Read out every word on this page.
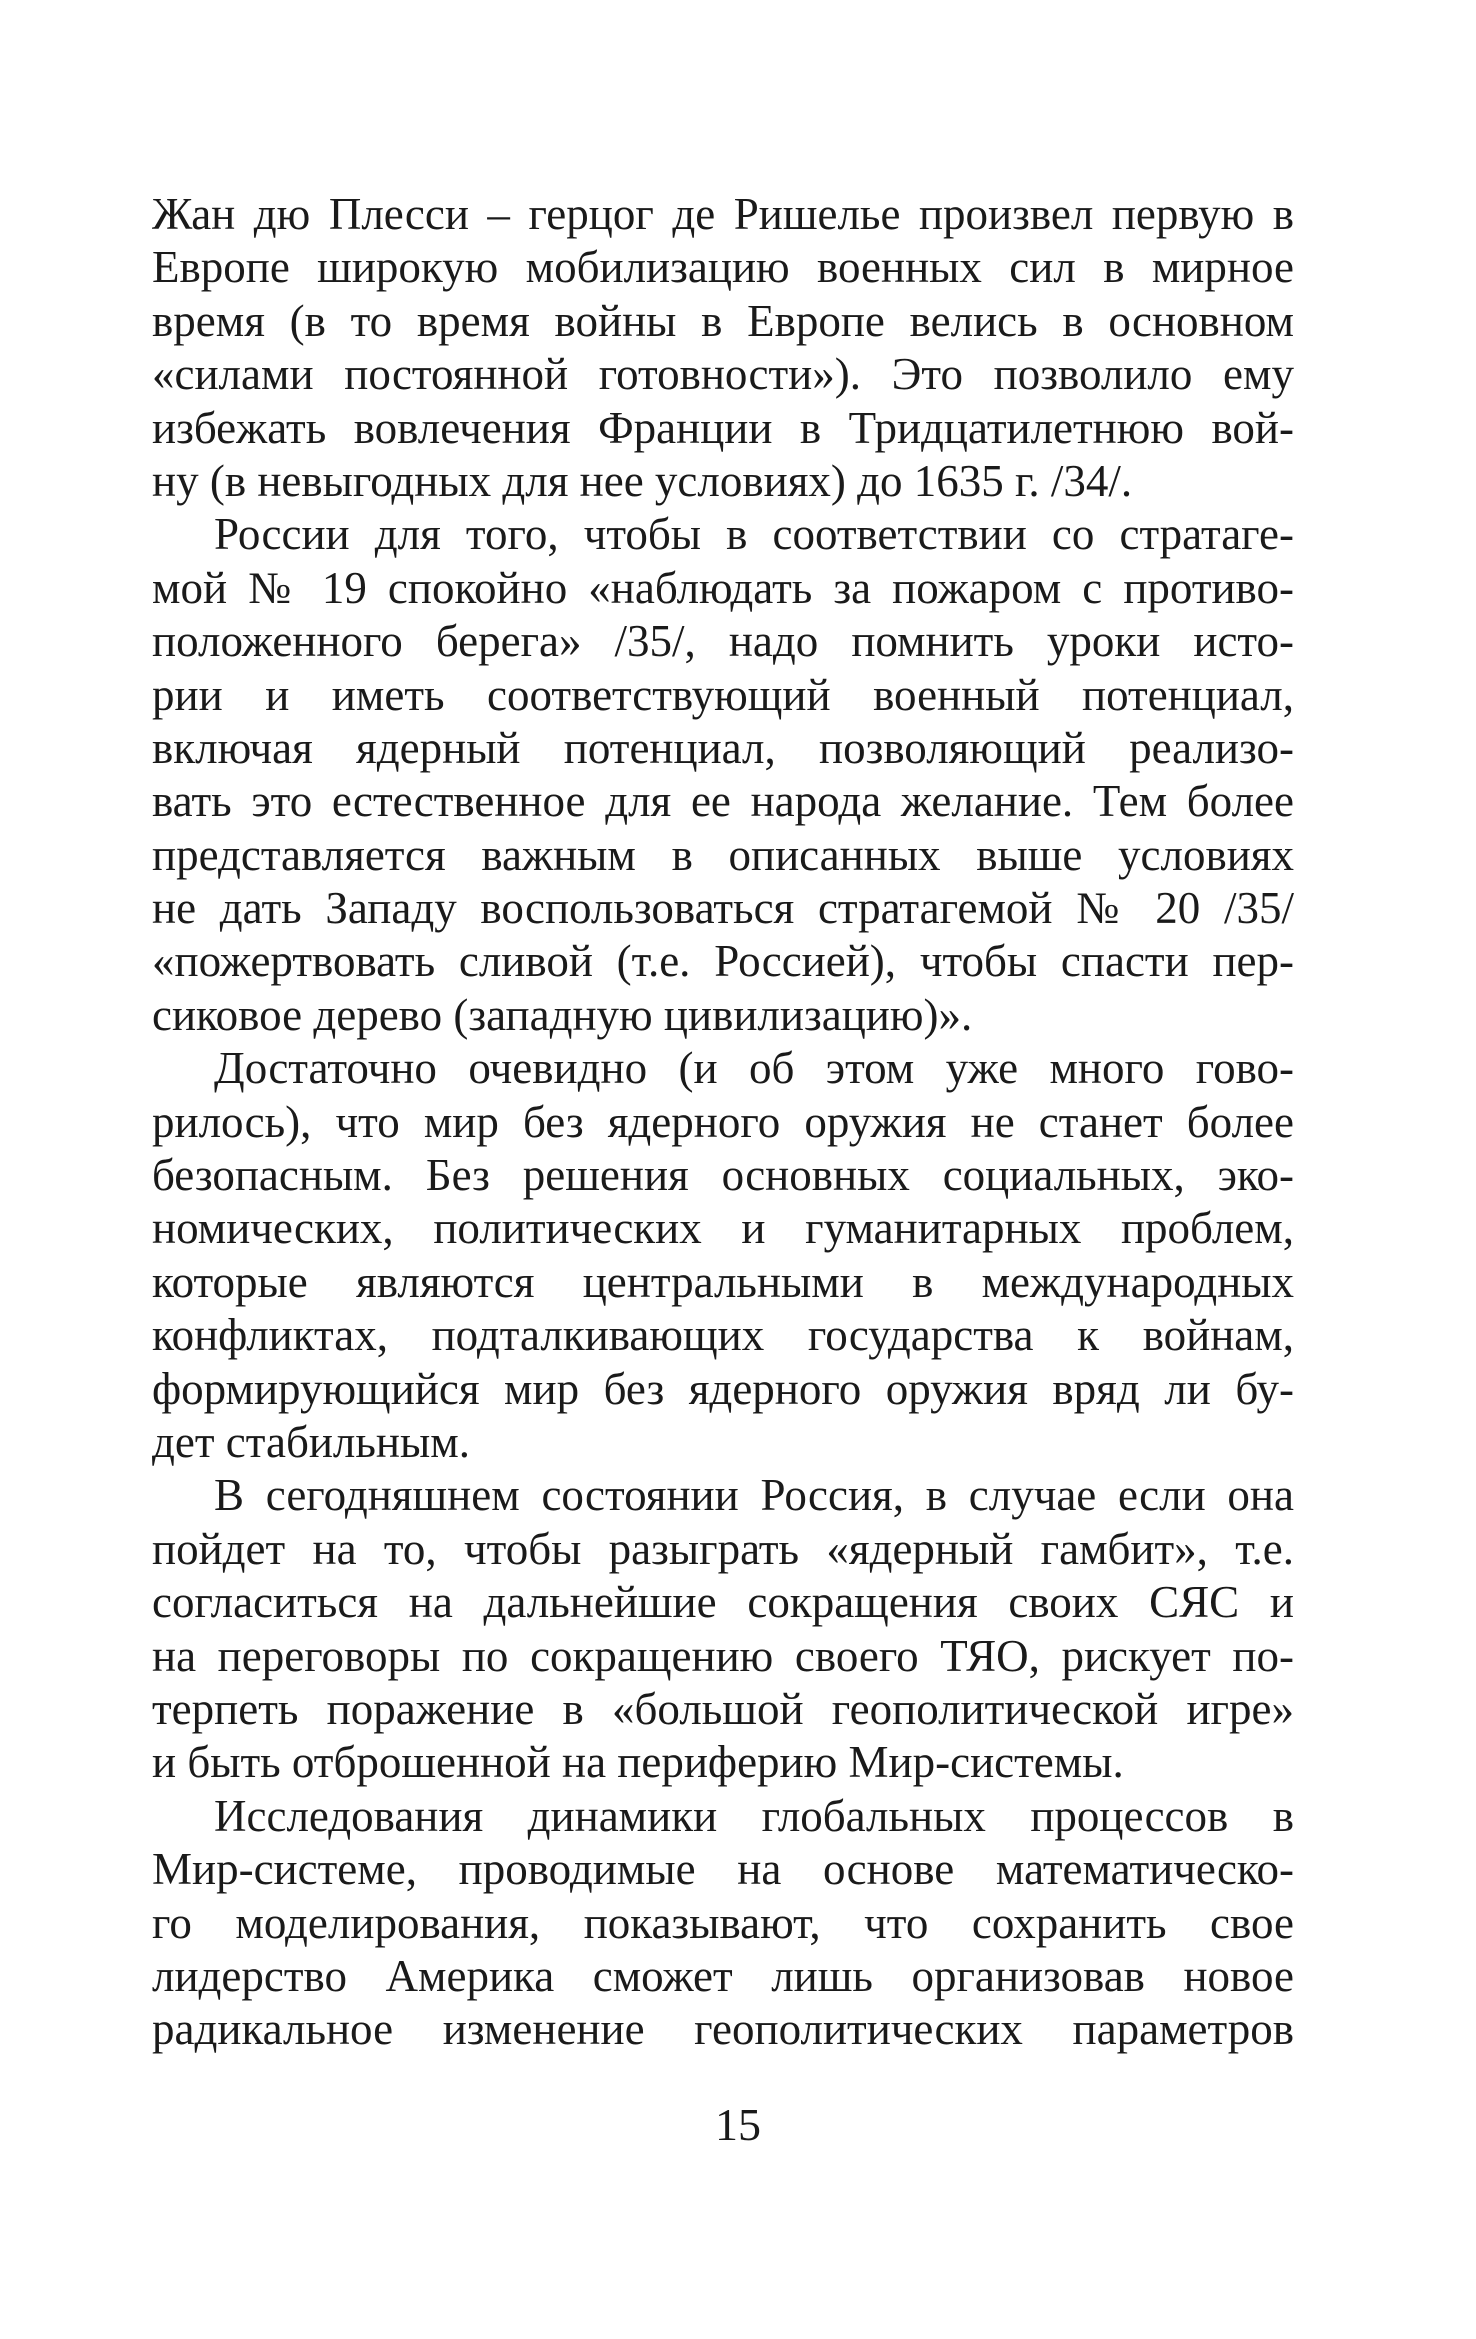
Жан дю Плесси – герцог де Ришелье произвел первую в
Европе широкую мобилизацию военных сил в мирное
время (в то время войны в Европе велись в основном
«силами постоянной готовности»). Это позволило ему
избежать вовлечения Франции в Тридцатилетнюю вой-
ну (в невыгодных для нее условиях) до 1635 г. /34/.
России для того, чтобы в соответствии со стратаге-
мой № 19 спокойно «наблюдать за пожаром с противо-
положенного берега» /35/, надо помнить уроки исто-
рии и иметь соответствующий военный потенциал,
включая ядерный потенциал, позволяющий реализо-
вать это естественное для ее народа желание. Тем более
представляется важным в описанных выше условиях
не дать Западу воспользоваться стратагемой № 20 /35/
«пожертвовать сливой (т.е. Россией), чтобы спасти пер-
сиковое дерево (западную цивилизацию)».
Достаточно очевидно (и об этом уже много гово-
рилось), что мир без ядерного оружия не станет более
безопасным. Без решения основных социальных, эко-
номических, политических и гуманитарных проблем,
которые являются центральными в международных
конфликтах, подталкивающих государства к войнам,
формирующийся мир без ядерного оружия вряд ли бу-
дет стабильным.
В сегодняшнем состоянии Россия, в случае если она
пойдет на то, чтобы разыграть «ядерный гамбит», т.е.
согласиться на дальнейшие сокращения своих СЯС и
на переговоры по сокращению своего ТЯО, рискует по-
терпеть поражение в «большой геополитической игре»
и быть отброшенной на периферию Мир-системы.
Исследования динамики глобальных процессов в
Мир-системе, проводимые на основе математическо-
го моделирования, показывают, что сохранить свое
лидерство Америка сможет лишь организовав новое
радикальное изменение геополитических параметров
15
